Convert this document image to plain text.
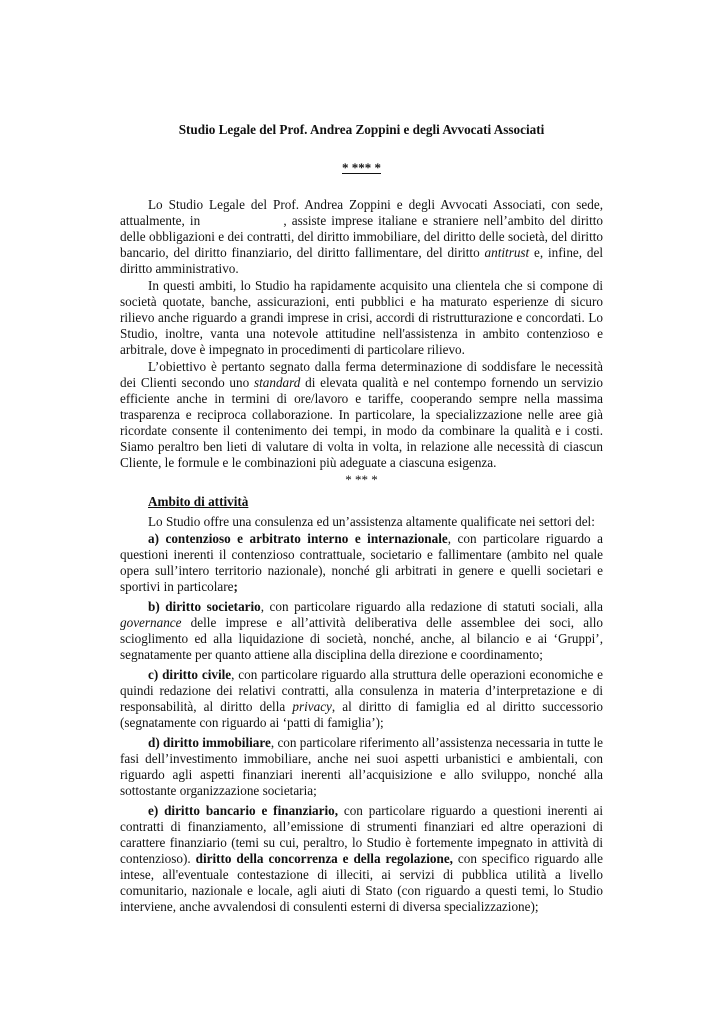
Studio Legale del Prof. Andrea Zoppini e degli Avvocati Associati
* *** *

Lo Studio Legale del Prof. Andrea Zoppini e degli Avvocati Associati, con sede, attualmente, in	, assiste imprese italiane e straniere nell’ambito del diritto delle obbligazioni e dei contratti, del diritto immobiliare, del diritto delle società, del diritto bancario, del diritto finanziario, del diritto fallimentare, del diritto antitrust e, infine, del diritto amministrativo.

In questi ambiti, lo Studio ha rapidamente acquisito una clientela che si compone di società quotate, banche, assicurazioni, enti pubblici e ha maturato esperienze di sicuro rilievo anche riguardo a grandi imprese in crisi, accordi di ristrutturazione e concordati. Lo Studio, inoltre, vanta una notevole attitudine nell'assistenza in ambito contenzioso e arbitrale, dove è impegnato in procedimenti di particolare rilievo.

L’obiettivo è pertanto segnato dalla ferma determinazione di soddisfare le necessità dei Clienti secondo uno standard di elevata qualità e nel contempo fornendo un servizio efficiente anche in termini di ore/lavoro e tariffe, cooperando sempre nella massima trasparenza e reciproca collaborazione. In particolare, la specializzazione nelle aree già ricordate consente il contenimento dei tempi, in modo da combinare la qualità e i costi. Siamo peraltro ben lieti di valutare di volta in volta, in relazione alle necessità di ciascun Cliente, le formule e le combinazioni più adeguate a ciascuna esigenza.

* ** *

Ambito di attività

Lo Studio offre una consulenza ed un’assistenza altamente qualificate nei settori del:

a) contenzioso e arbitrato interno e internazionale, con particolare riguardo a questioni inerenti il contenzioso contrattuale, societario e fallimentare (ambito nel quale opera sull’intero territorio nazionale), nonché gli arbitrati in genere e quelli societari e sportivi in particolare;

b) diritto societario, con particolare riguardo alla redazione di statuti sociali, alla governance delle imprese e all’attività deliberativa delle assemblee dei soci, allo scioglimento ed alla liquidazione di società, nonché, anche, al bilancio e ai ‘Gruppi’, segnatamente per quanto attiene alla disciplina della direzione e coordinamento;

c) diritto civile, con particolare riguardo alla struttura delle operazioni economiche e quindi redazione dei relativi contratti, alla consulenza in materia d’interpretazione e di responsabilità, al diritto della privacy, al diritto di famiglia ed al diritto successorio (segnatamente con riguardo ai ‘patti di famiglia’);

d) diritto immobiliare, con particolare riferimento all’assistenza necessaria in tutte le fasi dell’investimento immobiliare, anche nei suoi aspetti urbanistici e ambientali, con riguardo agli aspetti finanziari inerenti all’acquisizione e allo sviluppo, nonché alla sottostante organizzazione societaria;

e) diritto bancario e finanziario, con particolare riguardo a questioni inerenti ai contratti di finanziamento, all’emissione di strumenti finanziari ed altre operazioni di carattere finanziario (temi su cui, peraltro, lo Studio è fortemente impegnato in attività di contenzioso). diritto della concorrenza e della regolazione, con specifico riguardo alle intese, all'eventuale contestazione di illeciti, ai servizi di pubblica utilità a livello comunitario, nazionale e locale, agli aiuti di Stato (con riguardo a questi temi, lo Studio interviene, anche avvalendosi di consulenti esterni di diversa specializzazione);
